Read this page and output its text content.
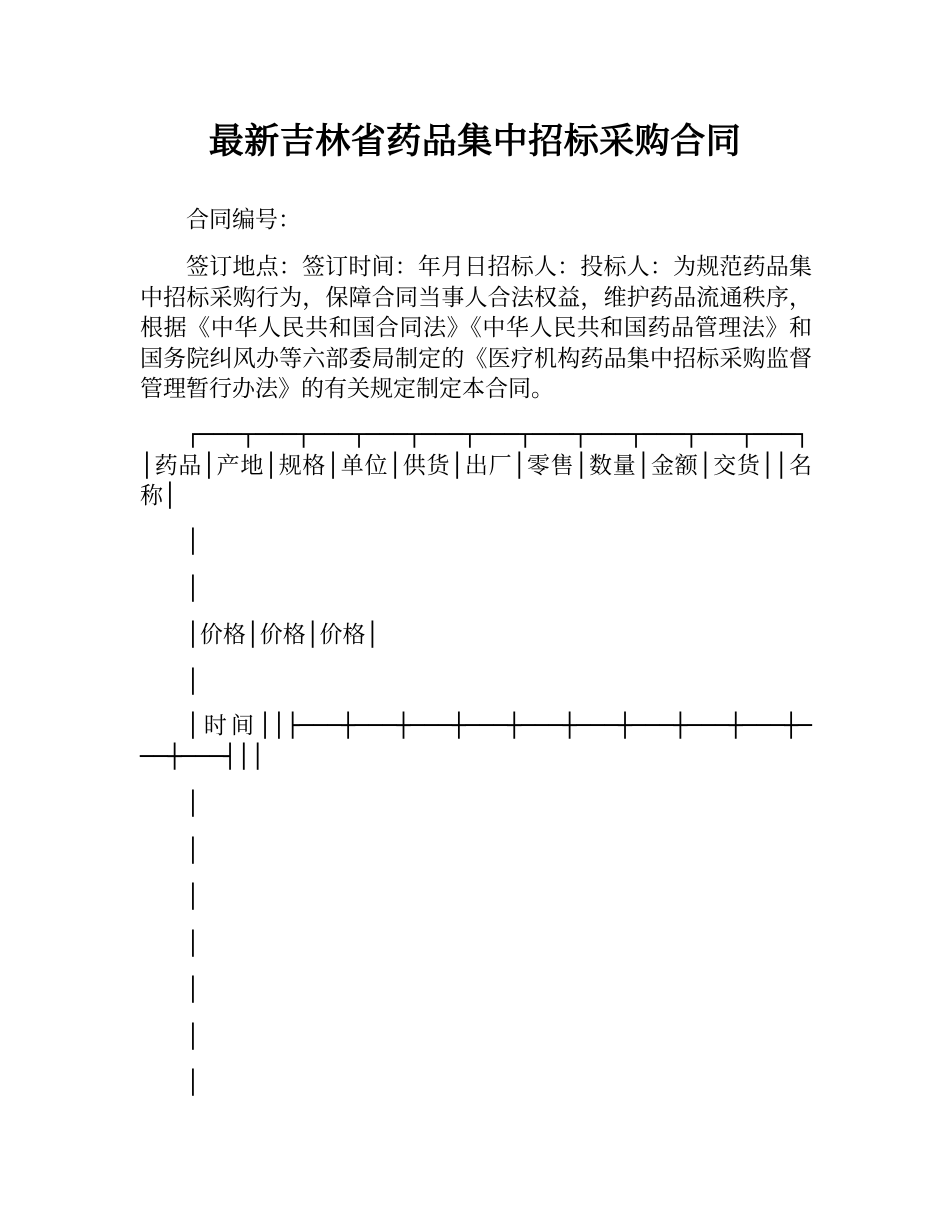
最新吉林省药品集中招标采购合同

合同编号：

签订地点：签订时间：年月日招标人：投标人：为规范药品集中招标采购行为，保障合同当事人合法权益，维护药品流通秩序，根据《中华人民共和国合同法》《中华人民共和国药品管理法》和国务院纠风办等六部委局制定的《医疗机构药品集中招标采购监督管理暂行办法》的有关规定制定本合同。

┌───┬───┬───┬───┬───┬───┬───┬───┬───┬───┬───┐│药品│产地│规格│单位│供货│出厂│零售│数量│金额│交货││名称│

│
│
│价格│价格│价格│
│

│时间││├───┼───┼───┼───┼───┼───┼───┼───┼───┼───┼───┤││

│
│
│
│
│
│
│
